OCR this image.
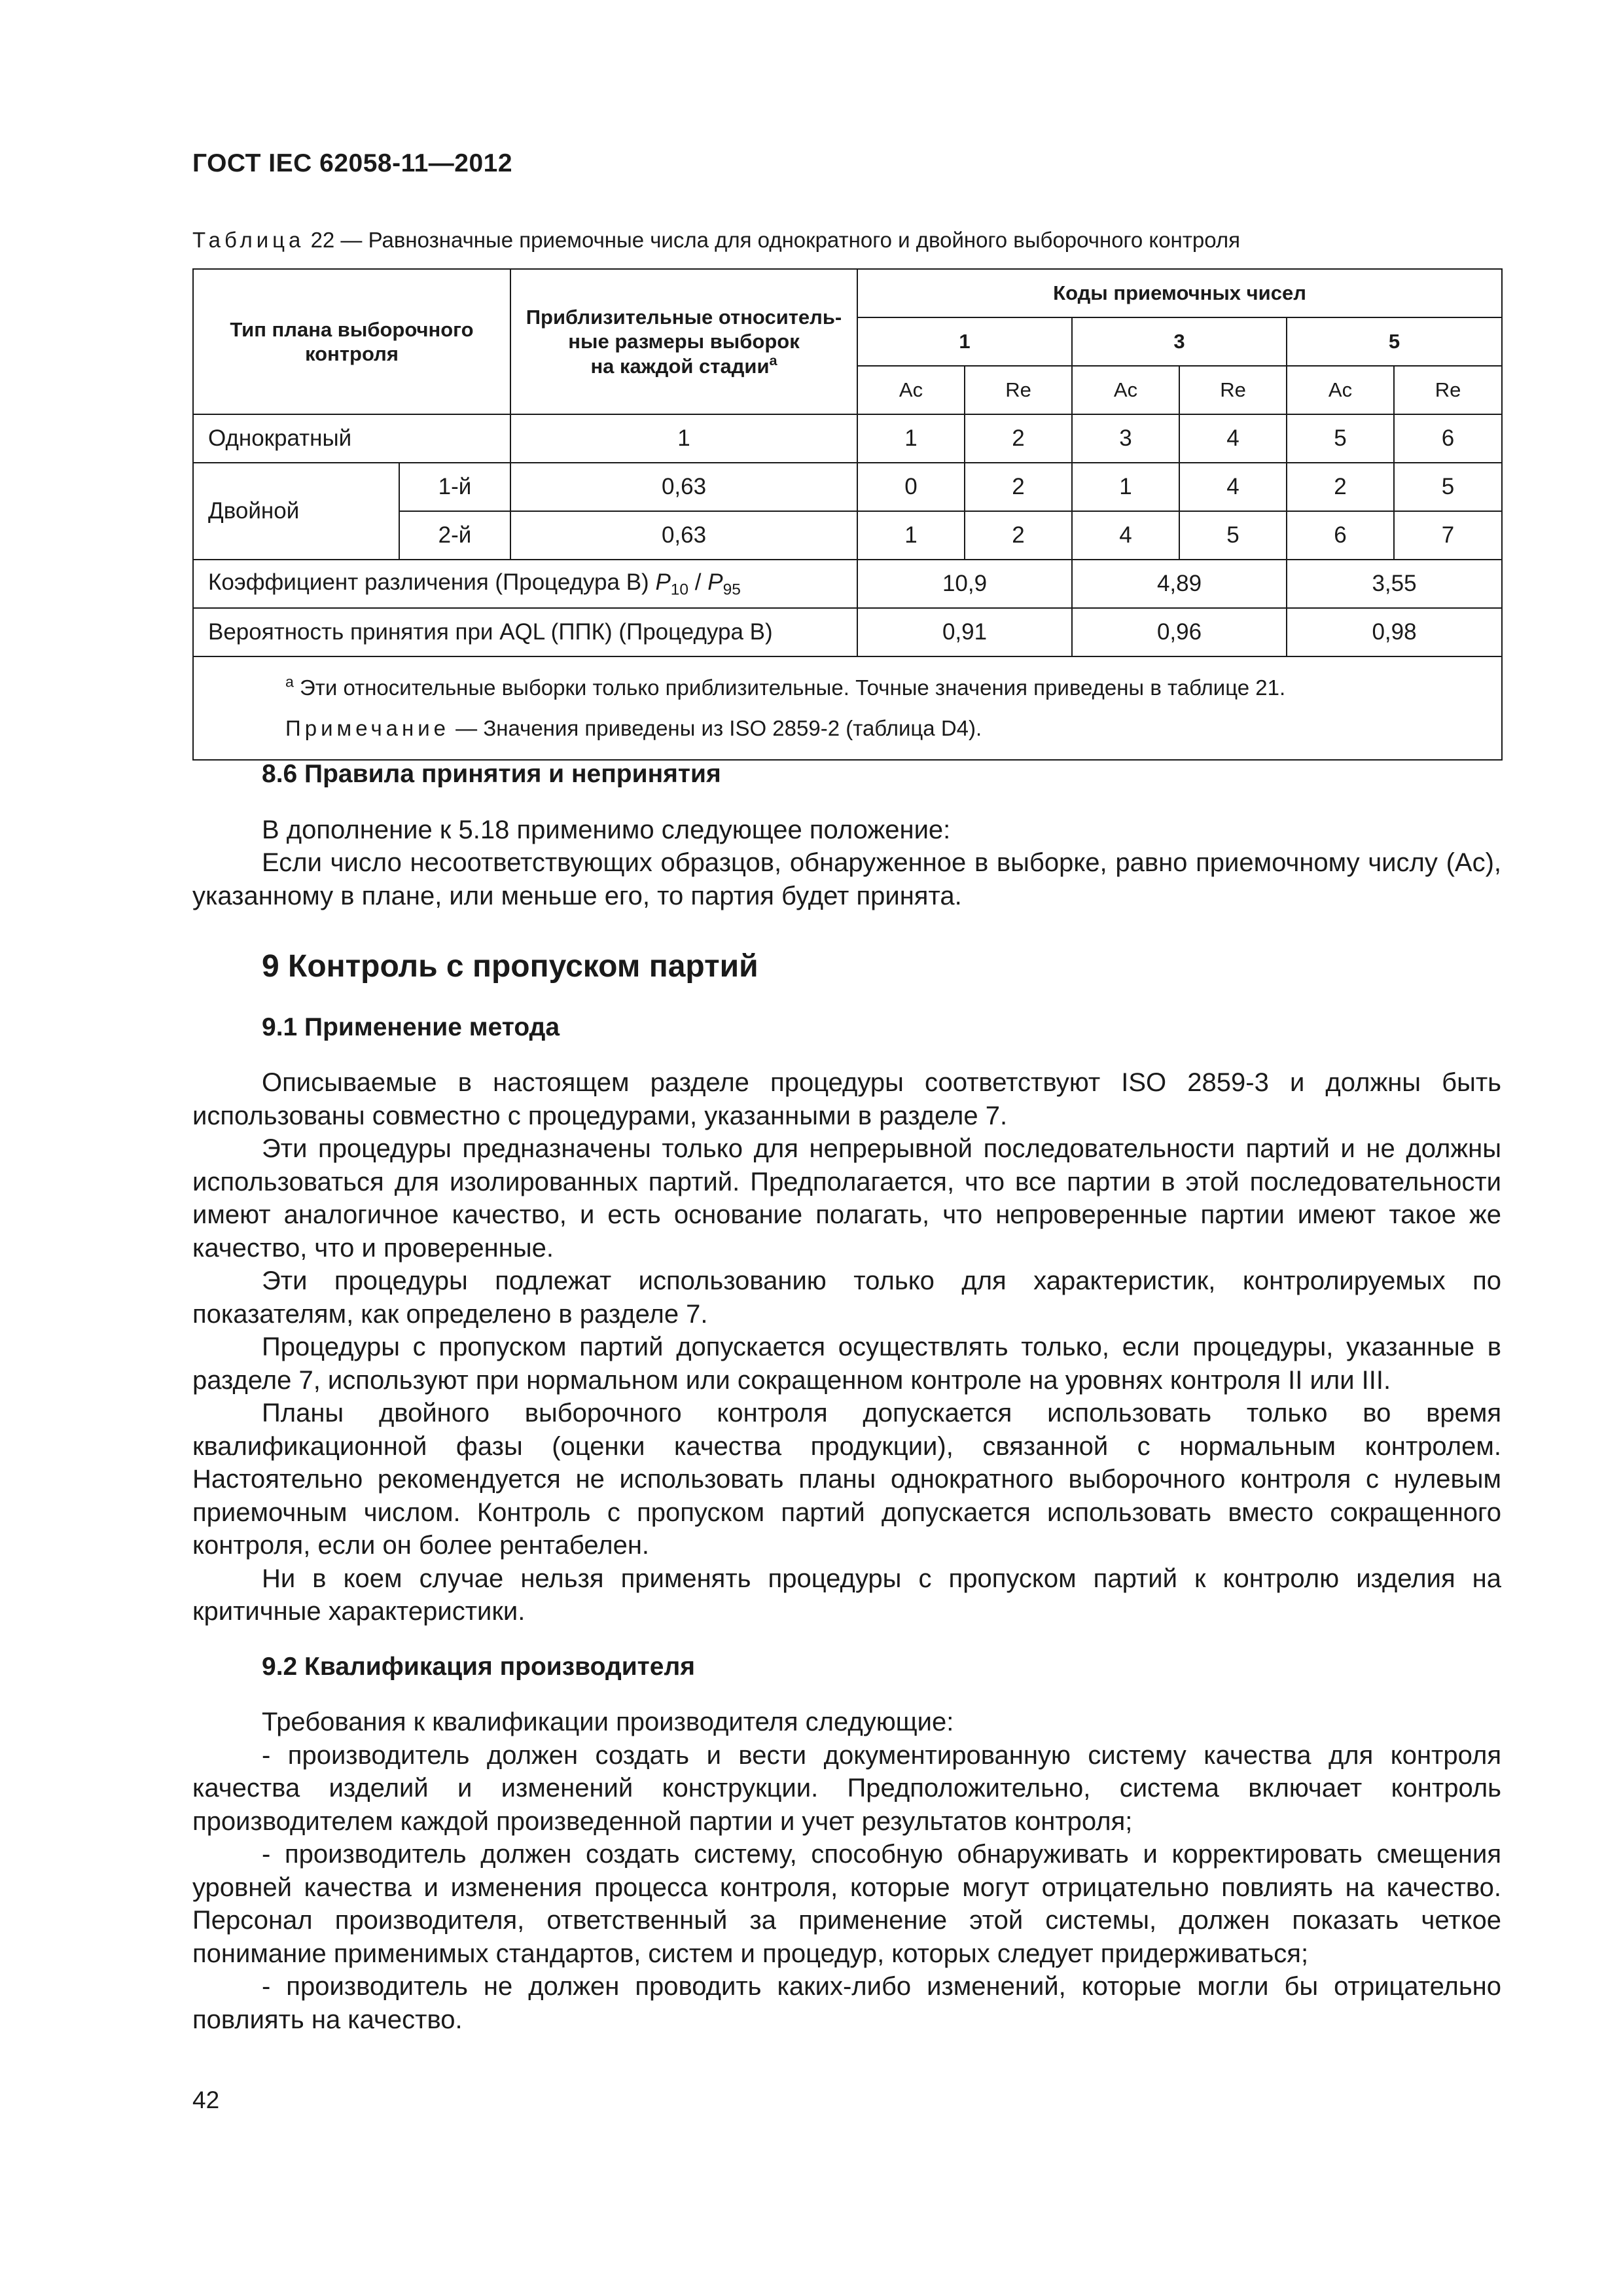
ГОСТ IEC 62058-11—2012
Таблица 22 — Равнозначные приемочные числа для однократного и двойного выборочного контроля
Тип плана выборочного контроля		Приблизительные относитель-
ные размеры выборок
на каждой стадии$^a$	Коды приемочных чисел					
			1		3		5	
			Ac	Re	Ac	Re	Ac	Re
Однократный		1	1	2	3	4	5	6
Двойной	1-й	0,63	0	2	1	4	2	5
	2-й	0,63	1	2	4	5	6	7
Коэффициент различения (Процедура B) $P_{10} / P_{95}$			10,9		4,89		3,55	
Вероятность принятия при AQL (ППК) (Процедура B)			0,91		0,96		0,98	

$^a$ Эти относительные выборки только приблизительные. Точные значения приведены в таблице 21.
Примечание — Значения приведены из ISO 2859-2 (таблица D4).								
8.6 Правила принятия и непринятия

В дополнение к 5.18 применимо следующее положение:

Если число несоответствующих образцов, обнаруженное в выборке, равно приемочному числу (Ac), указанному в плане, или меньше его, то партия будет принята.

9 Контроль с пропуском партий
9.1 Применение метода

Описываемые в настоящем разделе процедуры соответствуют ISO 2859-3 и должны быть использованы совместно с процедурами, указанными в разделе 7.

Эти процедуры предназначены только для непрерывной последовательности партий и не должны использоваться для изолированных партий. Предполагается, что все партии в этой последовательности имеют аналогичное качество, и есть основание полагать, что непроверенные партии имеют такое же качество, что и проверенные.

Эти процедуры подлежат использованию только для характеристик, контролируемых по показателям, как определено в разделе 7.

Процедуры с пропуском партий допускается осуществлять только, если процедуры, указанные в разделе 7, используют при нормальном или сокращенном контроле на уровнях контроля II или III.

Планы двойного выборочного контроля допускается использовать только во время квалификационной фазы (оценки качества продукции), связанной с нормальным контролем. Настоятельно рекомендуется не использовать планы однократного выборочного контроля с нулевым приемочным числом. Контроль с пропуском партий допускается использовать вместо сокращенного контроля, если он более рентабелен.

Ни в коем случае нельзя применять процедуры с пропуском партий к контролю изделия на критичные характеристики.

9.2 Квалификация производителя

Требования к квалификации производителя следующие:

- производитель должен создать и вести документированную систему качества для контроля качества изделий и изменений конструкции. Предположительно, система включает контроль производителем каждой произведенной партии и учет результатов контроля;

- производитель должен создать систему, способную обнаруживать и корректировать смещения уровней качества и изменения процесса контроля, которые могут отрицательно повлиять на качество. Персонал производителя, ответственный за применение этой системы, должен показать четкое понимание применимых стандартов, систем и процедур, которых следует придерживаться;

- производитель не должен проводить каких-либо изменений, которые могли бы отрицательно повлиять на качество.

42
